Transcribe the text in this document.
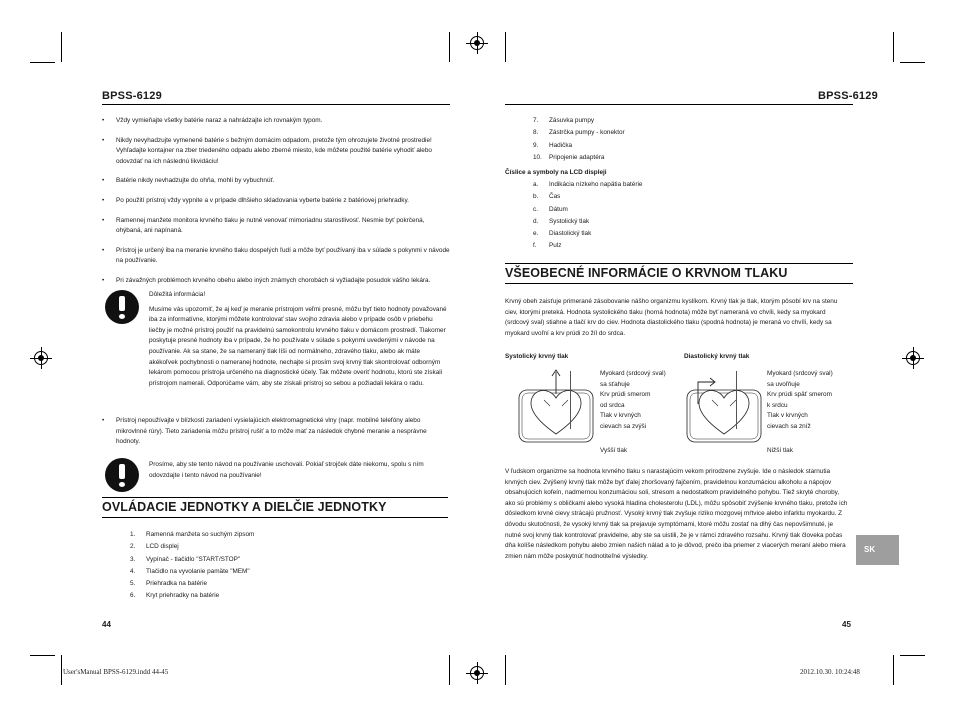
BPSS-6129
• Vždy vymieňajte všetky batérie naraz a nahrádzajte ich rovnakým typom.
• Nikdy nevyhadzujte vymenené batérie s bežným domácim odpadom, pretože tým ohrozujete životné prostredie! Vyhľadajte kontajner na zber triedeného odpadu alebo zberné miesto, kde môžete použité batérie vyhodiť alebo odovzdať na ich následnú likvidáciu!
• Batérie nikdy nevhadzujte do ohňa, mohli by vybuchnúť.
• Po použití prístroj vždy vypnite a v prípade dlhšieho skladovania vyberte batérie z batériovej priehradky.
• Ramennej manžete monitora krvného tlaku je nutné venovať mimoriadnu starostlivosť. Nesmie byť pokrčená, ohýbaná, ani napínaná.
• Prístroj je určený iba na meranie krvného tlaku dospelých ľudí a môže byť používaný iba v súlade s pokynmi v návode na používanie.
• Pri závažných problémoch krvného obehu alebo iných známych chorobách si vyžiadajte posudok vášho lekára.

Dôležitá informácia!

Musíme vás upozorniť, že aj keď je meranie prístrojom veľmi presné, môžu byť tieto hodnoty považované iba za informatívne, ktorými môžete kontrolovať stav svojho zdravia alebo v prípade osôb v priebehu liečby je možné prístroj použiť na pravidelnú samokontrolu krvného tlaku v domácom prostredí. Tlakomer poskytuje presné hodnoty iba v prípade, že ho používate v súlade s pokynmi uvedenými v návode na používanie. Ak sa stane, že sa nameraný tlak líši od normálneho, zdravého tlaku, alebo ak máte akékoľvek pochybnosti o nameranej hodnote, nechajte si prosím svoj krvný tlak skontrolovať odborným lekárom pomocou prístroja určeného na diagnostické účely. Tak môžete overiť hodnotu, ktorú ste získali prístrojom namerali. Odporúčame vám, aby ste získali prístroj so sebou a požiadali lekára o radu.

• Prístroj nepoužívajte v blízkosti zariadení vysielajúcich elektromagnetické vlny (napr. mobilné telefóny alebo mikrovlnné rúry). Tieto zariadenia môžu prístroj rušiť a to môže mať za následok chybné meranie a nesprávne hodnoty.

Prosíme, aby ste tento návod na používanie uschovali. Pokiaľ strojček dáte niekomu, spolu s ním odovzdajte i tento návod na používanie!

OVLÁDACIE JEDNOTKY A DIELČIE JEDNOTKY
1.	Ramenná manžeta so suchým zipsom
2.	LCD displej
3.	Vypínač - tlačidlo "START/STOP"
4.	Tlačidlo na vyvolanie pamäte "MEM"
5.	Priehradka na batérie
6.	Kryt priehradky na batérie
44
BPSS-6129
7.	Zásuvka pumpy
8.	Zástrčka pumpy - konektor
9.	Hadička
10.	Pripojenie adaptéra
Číslice a symboly na LCD displeji
a.	Indikácia nízkeho napätia batérie
b.	Čas
c.	Dátum
d.	Systolický tlak
e.	Diastolický tlak
f.	Pulz
VŠEOBECNÉ INFORMÁCIE O KRVNOM TLAKU
Krvný obeh zaisťuje primerané zásobovanie nášho organizmu kyslíkom. Krvný tlak je tlak, ktorým pôsobí krv na stenu ciev, ktorými preteká. Hodnota systolického tlaku (horná hodnota) môže byť nameraná vo chvíli, kedy sa myokard (srdcový sval) stiahne a tlačí krv do ciev. Hodnota diastolického tlaku (spodná hodnota) je meraná vo chvíli, kedy sa myokard uvoľní a krv prúdi zo žíl do srdca.
Systolický krvný tlak	Diastolický krvný tlak
Myokard (srdcový sval)
sa sťahuje
Krv prúdi smerom
od srdca
Tlak v krvných
cievach sa zvýši
Vyšší tlak
Myokard (srdcový sval)
sa uvoľňuje
Krv prúdi späť smerom
k srdcu
Tlak v krvných
cievach sa zníž
Nižší tlak
V ľudskom organizme sa hodnota krvného tlaku s narastajúcim vekom prirodzene zvyšuje. Ide o následok starnutia krvných ciev. Zvýšený krvný tlak môže byť ďalej zhoršovaný fajčením, pravidelnou konzumáciou alkoholu a nápojov obsahujúcich kofeín, nadmernou konzumáciou soli, stresom a nedostatkom pravidelného pohybu. Tiež skryté choroby, ako sú problémy s obličkami alebo vysoká hladina cholesterolu (LDL), môžu spôsobiť zvýšenie krvného tlaku, pretože ich dôsledkom krvné cievy strácajú pružnosť. Vysoký krvný tlak zvyšuje riziko mozgovej mŕtvice alebo infarktu myokardu. Z dôvodu skutočnosti, že vysoký krvný tlak sa prejavuje symptómami, ktoré môžu zostať na dlhý čas nepovšimnuté, je nutné svoj krvný tlak kontrolovať pravidelne, aby ste sa uistili, že je v rámci zdravého rozsahu. Krvný tlak človeka počas dňa kolíše následkom pohybu alebo zmien našich nálad a to je dôvod, prečo iba priemer z viacerých meraní alebo miera zmien nám môže poskytnúť hodnotiteľné výsledky.
SK
45
User'sManual BPSS-6129.indd 44-45	2012.10.30. 10:24:48
